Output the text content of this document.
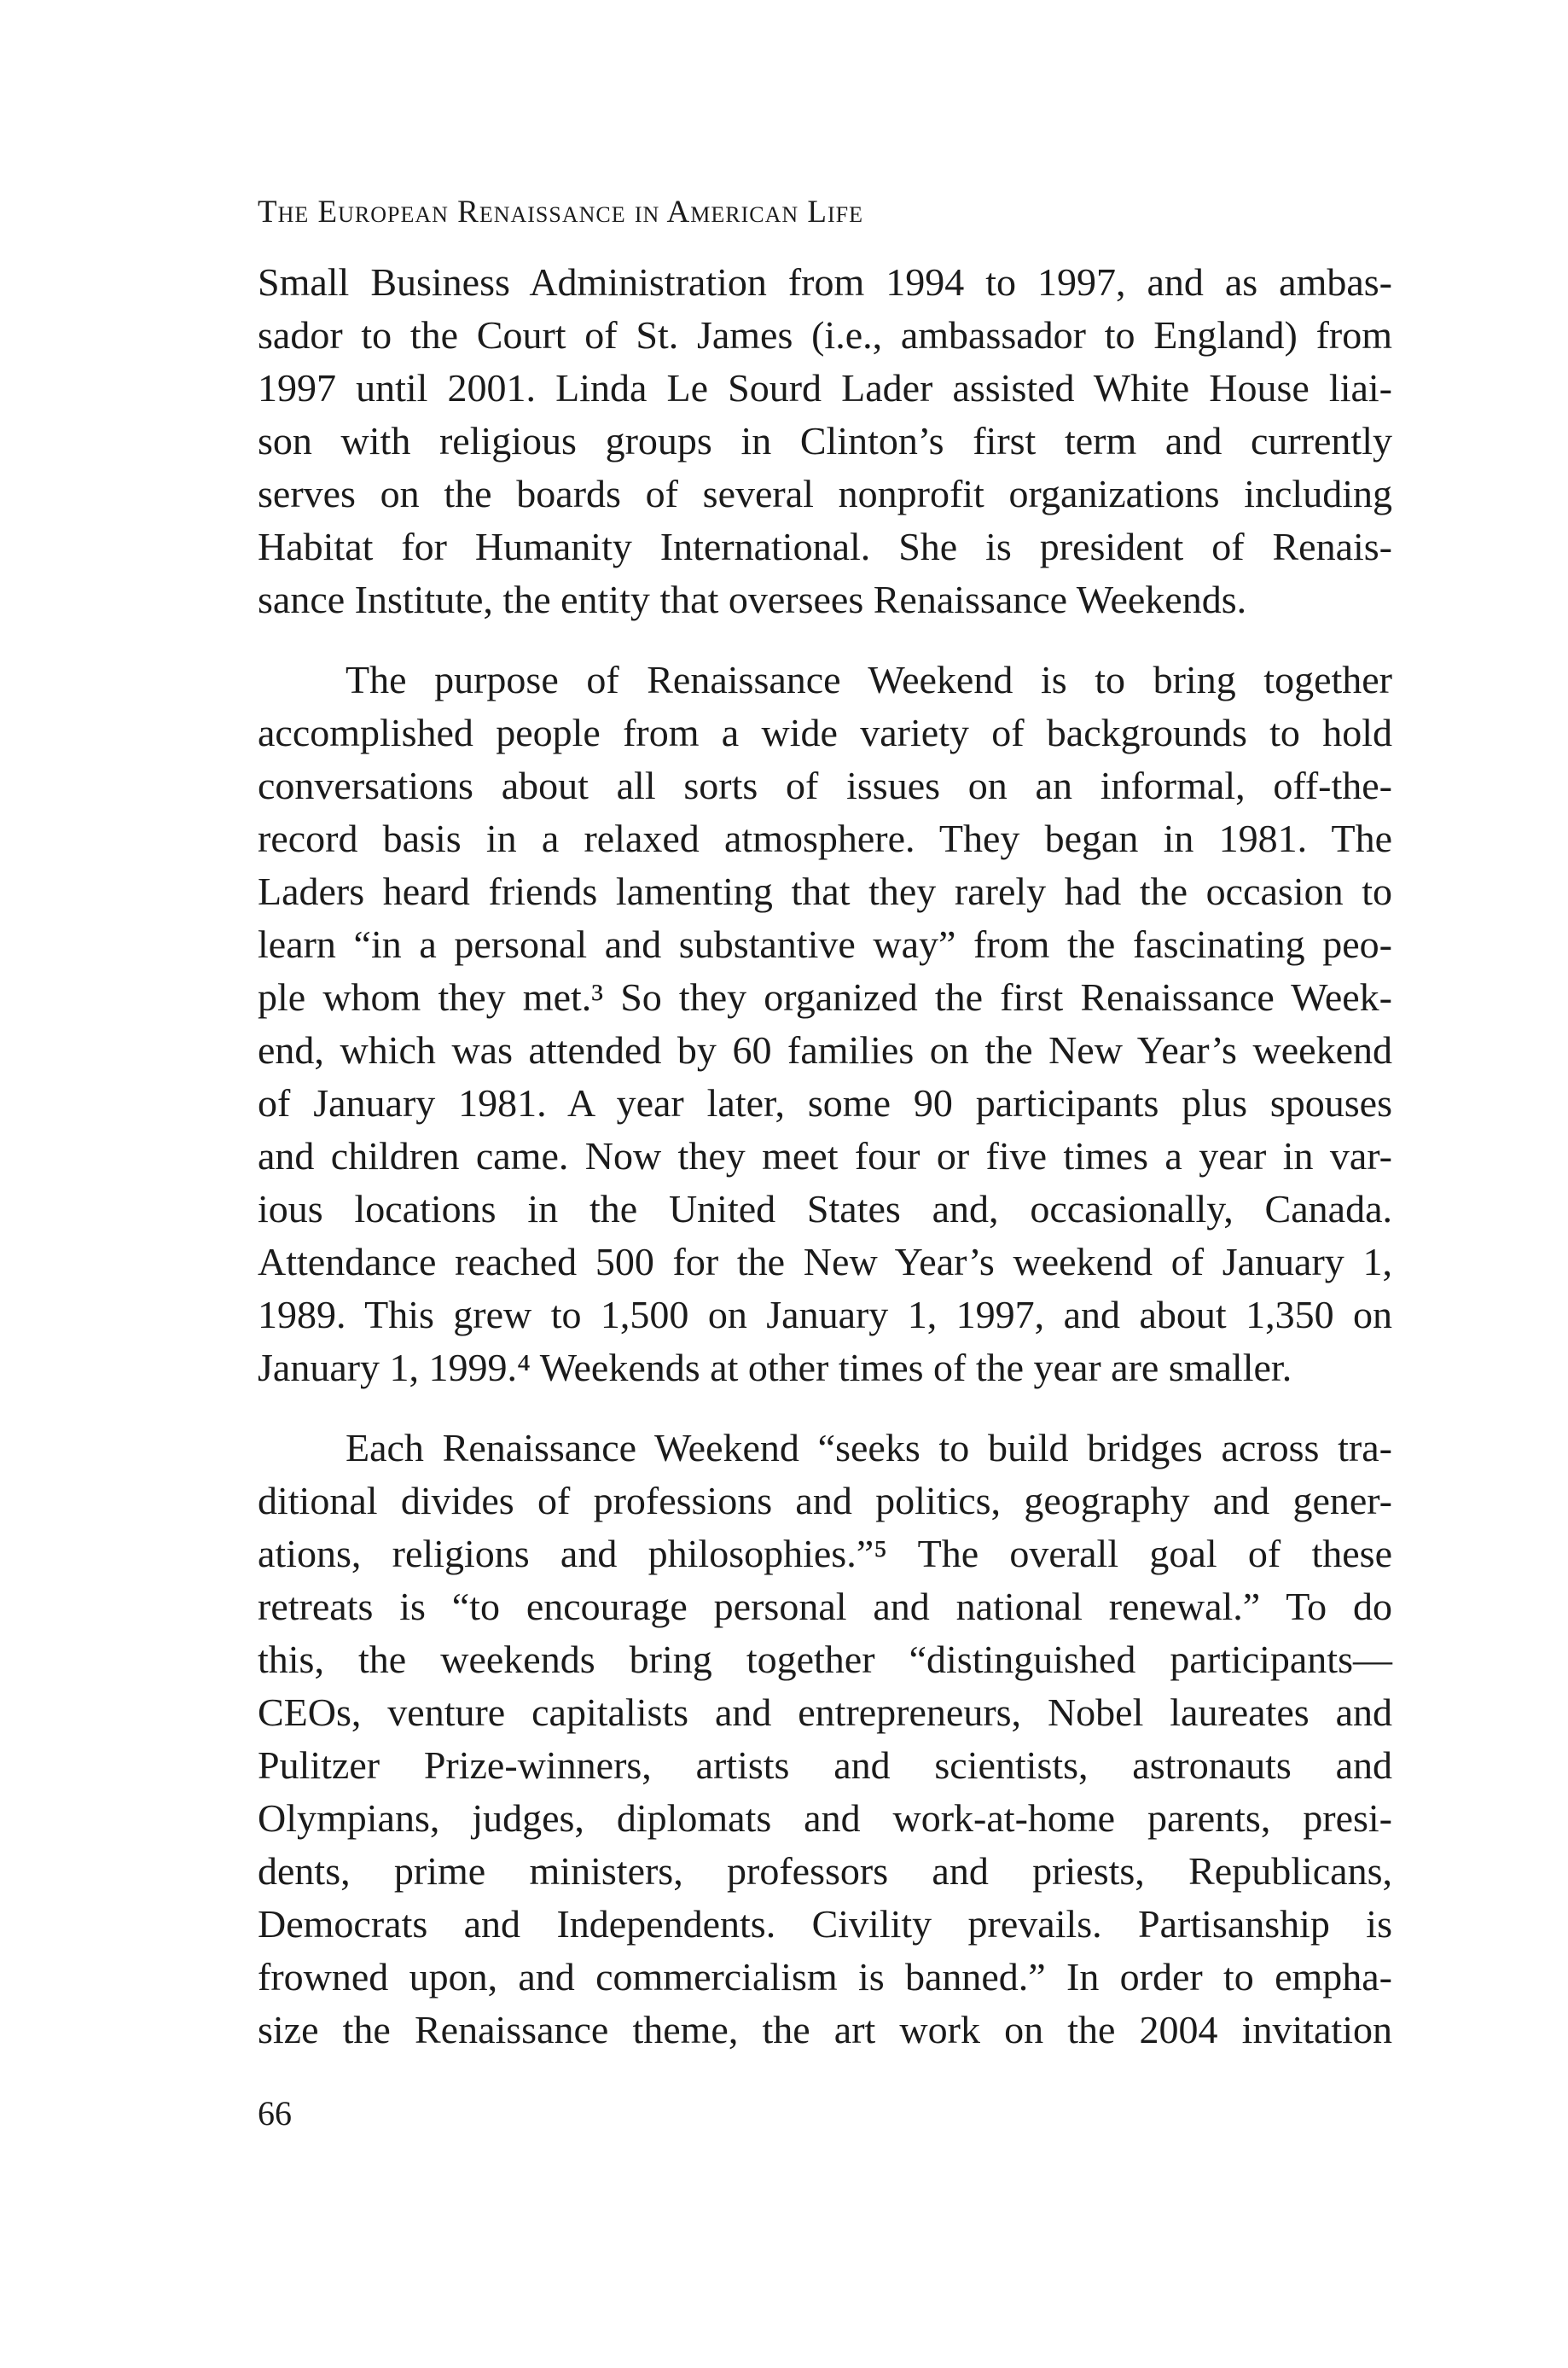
The European Renaissance in American Life

Small Business Administration from 1994 to 1997, and as ambas-
sador to the Court of St. James (i.e., ambassador to England) from
1997 until 2001. Linda Le Sourd Lader assisted White House liai-
son with religious groups in Clinton’s first term and currently
serves on the boards of several nonprofit organizations including
Habitat for Humanity International. She is president of Renais-
sance Institute, the entity that oversees Renaissance Weekends.

The purpose of Renaissance Weekend is to bring together
accomplished people from a wide variety of backgrounds to hold
conversations about all sorts of issues on an informal, off-the-
record basis in a relaxed atmosphere. They began in 1981. The
Laders heard friends lamenting that they rarely had the occasion to
learn “in a personal and substantive way” from the fascinating peo-
ple whom they met.³ So they organized the first Renaissance Week-
end, which was attended by 60 families on the New Year’s weekend
of January 1981. A year later, some 90 participants plus spouses
and children came. Now they meet four or five times a year in var-
ious locations in the United States and, occasionally, Canada.
Attendance reached 500 for the New Year’s weekend of January 1,
1989. This grew to 1,500 on January 1, 1997, and about 1,350 on
January 1, 1999.⁴ Weekends at other times of the year are smaller.

Each Renaissance Weekend “seeks to build bridges across tra-
ditional divides of professions and politics, geography and gener-
ations, religions and philosophies.”⁵ The overall goal of these
retreats is “to encourage personal and national renewal.” To do
this, the weekends bring together “distinguished participants—
CEOs, venture capitalists and entrepreneurs, Nobel laureates and
Pulitzer Prize-winners, artists and scientists, astronauts and
Olympians, judges, diplomats and work-at-home parents, presi-
dents, prime ministers, professors and priests, Republicans,
Democrats and Independents. Civility prevails. Partisanship is
frowned upon, and commercialism is banned.” In order to empha-
size the Renaissance theme, the art work on the 2004 invitation

66
